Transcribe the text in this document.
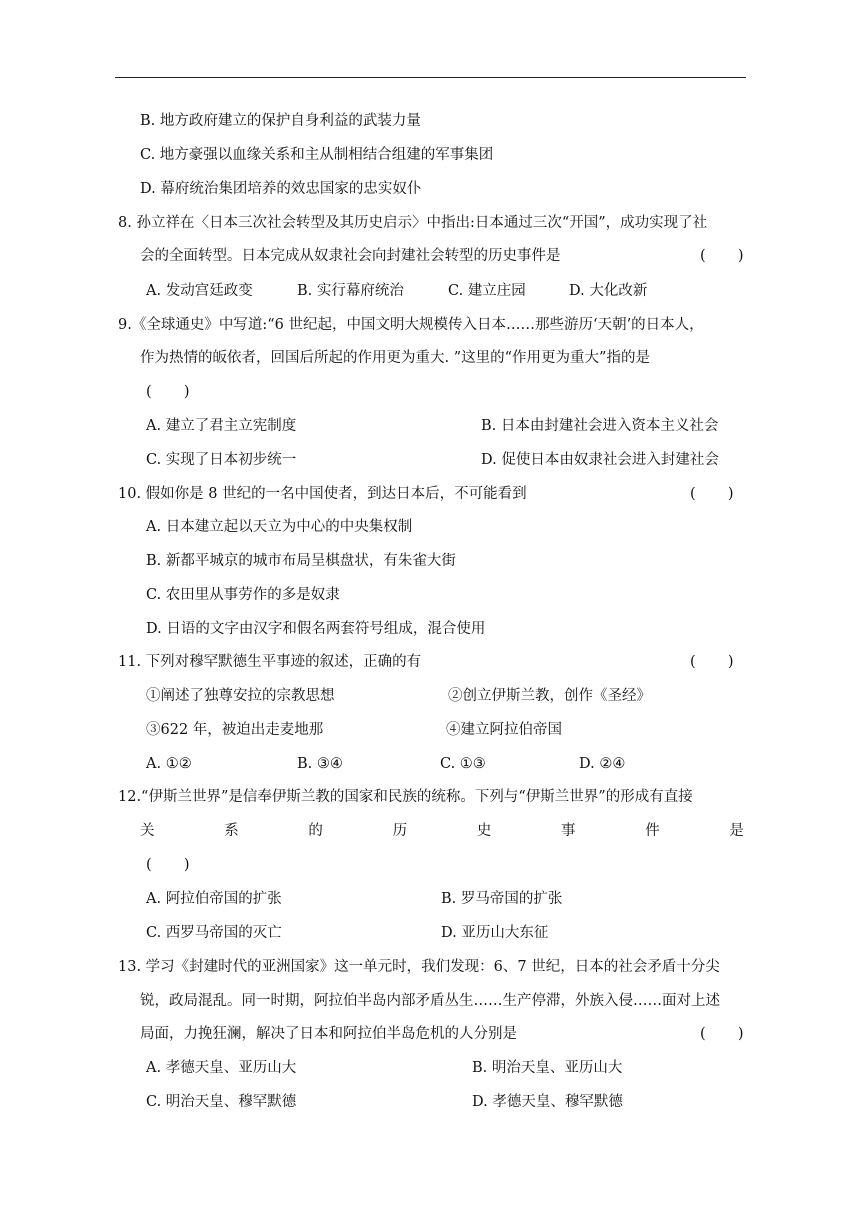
B. 地方政府建立的保护自身利益的武装力量
C. 地方豪强以血缘关系和主从制相结合组建的军事集团
D. 幕府统治集团培养的效忠国家的忠实奴仆
8. 孙立祥在〈日本三次社会转型及其历史启示〉中指出:日本通过三次“开国”，成功实现了社
会的全面转型。日本完成从奴隶社会向封建社会转型的历史事件是	(       )
A. 发动宫廷政变	B. 实行幕府统治	C. 建立庄园	D. 大化改新
9.《全球通史》中写道:“6 世纪起，中国文明大规模传入日本……那些游历‘天朝’的日本人，
作为热情的皈依者，回国后所起的作用更为重大. ”这里的“作用更为重大”指的是
(       )
A. 建立了君主立宪制度	B. 日本由封建社会进入资本主义社会
C. 实现了日本初步统一	D. 促使日本由奴隶社会进入封建社会
10. 假如你是 8 世纪的一名中国使者，到达日本后，不可能看到	(       )
A. 日本建立起以天立为中心的中央集权制
B. 新都平城京的城市布局呈棋盘状，有朱雀大街
C. 农田里从事劳作的多是奴隶
D. 日语的文字由汉字和假名两套符号组成，混合使用
11. 下列对穆罕默德生平事迹的叙述，正确的有	(       )
①阐述了独尊安拉的宗教思想	②创立伊斯兰教，创作《圣经》
③622 年，被迫出走麦地那	④建立阿拉伯帝国
A. ①②	B. ③④	C. ①③	D. ②④
12.“伊斯兰世界”是信奉伊斯兰教的国家和民族的统称。下列与“伊斯兰世界”的形成有直接
关	系	的	历	史	事	件	是
(       )
A. 阿拉伯帝国的扩张	B. 罗马帝国的扩张
C. 西罗马帝国的灭亡	D. 亚历山大东征
13. 学习《封建时代的亚洲国家》这一单元时，我们发现：6、7 世纪，日本的社会矛盾十分尖
锐，政局混乱。同一时期，阿拉伯半岛内部矛盾丛生……生产停滞，外族入侵……面对上述
局面，力挽狂澜，解决了日本和阿拉伯半岛危机的人分别是	(       )
A. 孝德天皇、亚历山大	B. 明治天皇、亚历山大
C. 明治天皇、穆罕默德	D. 孝德天皇、穆罕默德
